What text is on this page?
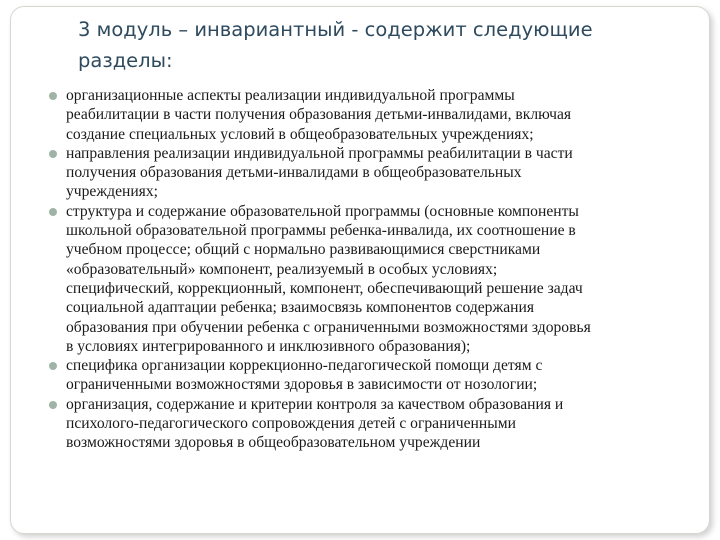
3 модуль – инвариантный - содержит следующие разделы:
организационные аспекты реализации индивидуальной программы
реабилитации в части получения образования детьми-инвалидами, включая
создание специальных условий в общеобразовательных учреждениях;
направления реализации индивидуальной программы реабилитации в части
получения образования детьми-инвалидами в общеобразовательных
учреждениях;
структура и содержание образовательной программы (основные компоненты
школьной образовательной программы ребенка-инвалида, их соотношение в
учебном процессе; общий с нормально развивающимися сверстниками
«образовательный» компонент, реализуемый в особых условиях;
специфический, коррекционный, компонент, обеспечивающий решение задач
социальной адаптации ребенка; взаимосвязь компонентов содержания
образования при обучении ребенка с ограниченными возможностями здоровья
в условиях интегрированного и инклюзивного образования);
специфика организации коррекционно-педагогической помощи детям с
ограниченными возможностями здоровья в зависимости от нозологии;
организация, содержание и критерии контроля за качеством образования и
психолого-педагогического сопровождения детей с ограниченными
возможностями здоровья в общеобразовательном учреждении
